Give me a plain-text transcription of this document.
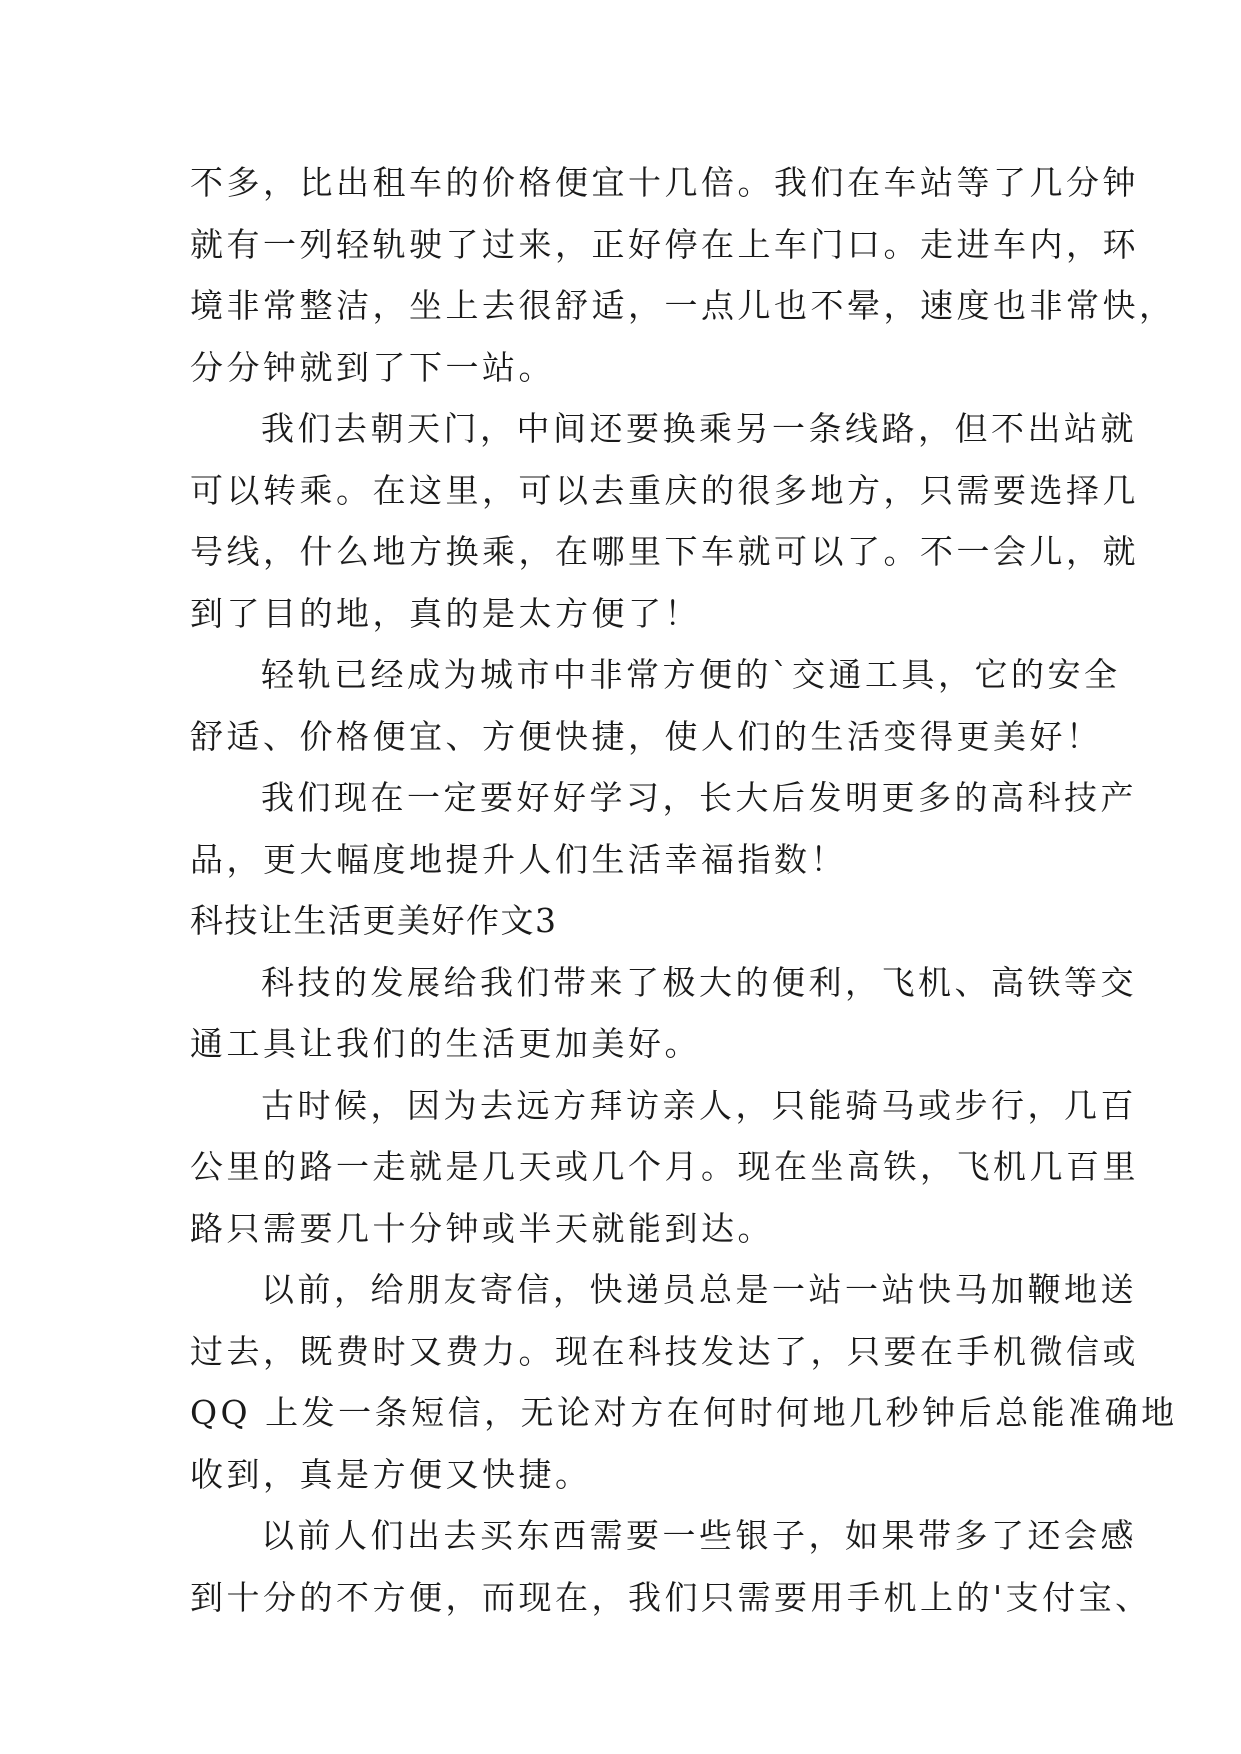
不多，比出租车的价格便宜十几倍。我们在车站等了几分钟
就有一列轻轨驶了过来，正好停在上车门口。走进车内，环
境非常整洁，坐上去很舒适，一点儿也不晕，速度也非常快，
分分钟就到了下一站。
我们去朝天门，中间还要换乘另一条线路，但不出站就
可以转乘。在这里，可以去重庆的很多地方，只需要选择几
号线，什么地方换乘，在哪里下车就可以了。不一会儿，就
到了目的地，真的是太方便了！
轻轨已经成为城市中非常方便的`交通工具，它的安全
舒适、价格便宜、方便快捷，使人们的生活变得更美好！
我们现在一定要好好学习，长大后发明更多的高科技产
品，更大幅度地提升人们生活幸福指数！
科技让生活更美好作文3
科技的发展给我们带来了极大的便利，飞机、高铁等交
通工具让我们的生活更加美好。
古时候，因为去远方拜访亲人，只能骑马或步行，几百
公里的路一走就是几天或几个月。现在坐高铁，飞机几百里
路只需要几十分钟或半天就能到达。
以前，给朋友寄信，快递员总是一站一站快马加鞭地送
过去，既费时又费力。现在科技发达了，只要在手机微信或
QQ 上发一条短信，无论对方在何时何地几秒钟后总能准确地
收到，真是方便又快捷。
以前人们出去买东西需要一些银子，如果带多了还会感
到十分的不方便，而现在，我们只需要用手机上的'支付宝、
